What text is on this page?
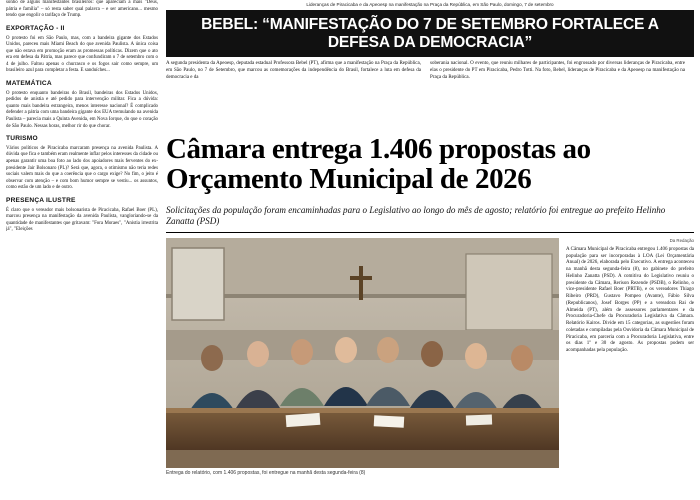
sonho de alguns manifestantes brasileiros: que apareciam a mais "Deus, pátria e família" – só resta saber qual palavra – e ser americano... mesmo tendo que engolir o tarifaço de Trump.

EXPORTAÇÃO - II

O protesto foi em São Paulo, mas, com a bandeira gigante dos Estados Unidos, pareceu mais Miami Beach do que avenida Paulista. A única coisa que não estava em promoção eram as promessas políticas. Dizem que o ato era em defesa da Pátria, mas parece que confundiram o 7 de setembro com o 4 de julho. Faltou apenas o churrasco e os fogos sair como sempre, um brasileiro azul para completar a festa. E sanduíches...

MATEMÁTICA

O protesto enquanto bandeiras do Brasil, bandeiras dos Estados Unidos, pedidos de anistia e até pedido para intervenção militar. Fica a dúvida: quanto mais bandeira estrangeira, menos interesse nacional? É complicado defender a pátria com uma bandeira gigante dos EUA tremulando na avenida Paulista – parecia mais a Quinta Avenida, em Nova Iorque, do que o coração de São Paulo. Nessas horas, melhor rir do que chorar.

TURISMO

Vários políticos de Piracicaba marcaram presença na avenida Paulista. A dúvida que fica e também eram realmente inflar pelos interesses da cidade ou apenas garantir uma boa foto ao lado dos apoiadores mais ferventes do ex-presidente Jair Bolsonaro (PL)? Será que, agora, o otimismo não teria redes sociais valem mais do que a coerência que o cargo exige? No fim, o jeito é observar com atenção – e com bom humor sempre se vestiu... os assuntos, como estão de um lado e de outro.

PRESENÇA ILUSTRE

É claro que o vereador mais bolsonarista de Piracicaba, Rafael Boer (PL), marcou presença na manifestação da avenida Paulista, vangloriando-se da quantidade de manifestantes que gritavam: "Fora Moraes", "Anistia irrestrita já", "Eleições

Lideranças de Piracicaba e da Apeoesp na manifestação na Praça da República, em São Paulo, domingo, 7 de setembro
BEBEL: “MANIFESTAÇÃO DO 7 DE SETEMBRO FORTALECE A DEFESA DA DEMOCRACIA”

A segunda presidenta da Apeoesp, deputada estadual Professora Bebel (PT), afirma que a manifestação na Praça da República, em São Paulo, no 7 de Setembro, que marcou as comemorações da independência do Brasil, fortalece a luta em defesa da democracia e da

soberania nacional. O evento, que reuniu milhares de participantes, foi engrossado por diversas lideranças de Piracicaba, entre elas o presidente do PT em Piracicaba, Pedro Totti. Na foto, Bebel, lideranças de Piracicaba e da Apeoesp na manifestação na Praça da República.

Câmara entrega 1.406 propostas ao Orçamento Municipal de 2026
Solicitações da população foram encaminhadas para o Legislativo ao longo do mês de agosto; relatório foi entregue ao prefeito Helinho Zanatta (PSD)
Entrega do relatório, com 1.406 propostas, foi entregue na manhã desta segunda-feira (8)
Da Redação

A Câmara Municipal de Piracicaba entregou 1.406 propostas da população para ser incorporadas à LOA (Lei Orçamentária Anual) de 2026, elaborada pelo Executivo. A entrega aconteceu na manhã desta segunda-feira (8), no gabinete do prefeito Helinho Zanatta (PSD). A comitiva do Legislativo reuniu o presidente da Câmara, Rerison Rezende (PSDB), o Relinho, o vice-presidente Rafael Boer (PRTB), e os vereadores Thiago Ribeiro (PRD), Gustavo Pompeo (Avante), Fábio Silva (Republicanos), Josef Borges (PP) e a vereadora Rai de Almeida (PT), além de assessores parlamentares e da Procuradoria-Chefe da Procuradoria Legislativa da Câmara. Relatório Kairos. Divide em 15 categorias, as sugestões foram coletadas e compiladas pela Ouvidoria da Câmara Municipal de Piracicaba, em parceria com a Procuradoria Legislativa, entre os dias 1º e 30 de agosto. As propostas podem ser acompanhadas pela população.
